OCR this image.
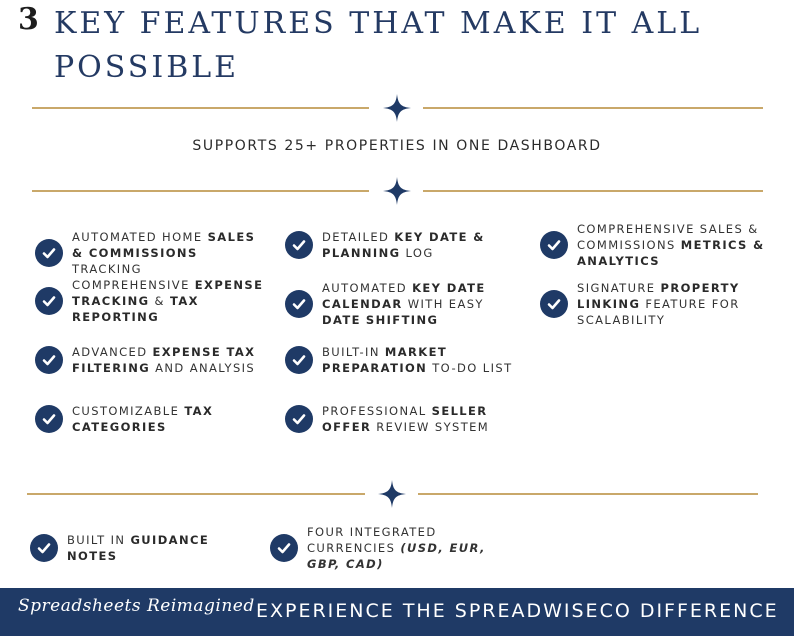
3 KEY FEATURES THAT MAKE IT ALL POSSIBLE
SUPPORTS 25+ PROPERTIES IN ONE DASHBOARD
AUTOMATED HOME SALES & COMMISSIONS TRACKING
COMPREHENSIVE EXPENSE TRACKING & TAX REPORTING
ADVANCED EXPENSE TAX FILTERING AND ANALYSIS
CUSTOMIZABLE TAX CATEGORIES
DETAILED KEY DATE & PLANNING LOG
AUTOMATED KEY DATE CALENDAR WITH EASY DATE SHIFTING
BUILT-IN MARKET PREPARATION TO-DO LIST
PROFESSIONAL SELLER OFFER REVIEW SYSTEM
COMPREHENSIVE SALES & COMMISSIONS METRICS & ANALYTICS
SIGNATURE PROPERTY LINKING FEATURE FOR SCALABILITY
BUILT IN GUIDANCE NOTES
FOUR INTEGRATED CURRENCIES (USD, EUR, GBP, CAD)
Spreadsheets Reimagined EXPERIENCE THE SPREADWISECO DIFFERENCE
